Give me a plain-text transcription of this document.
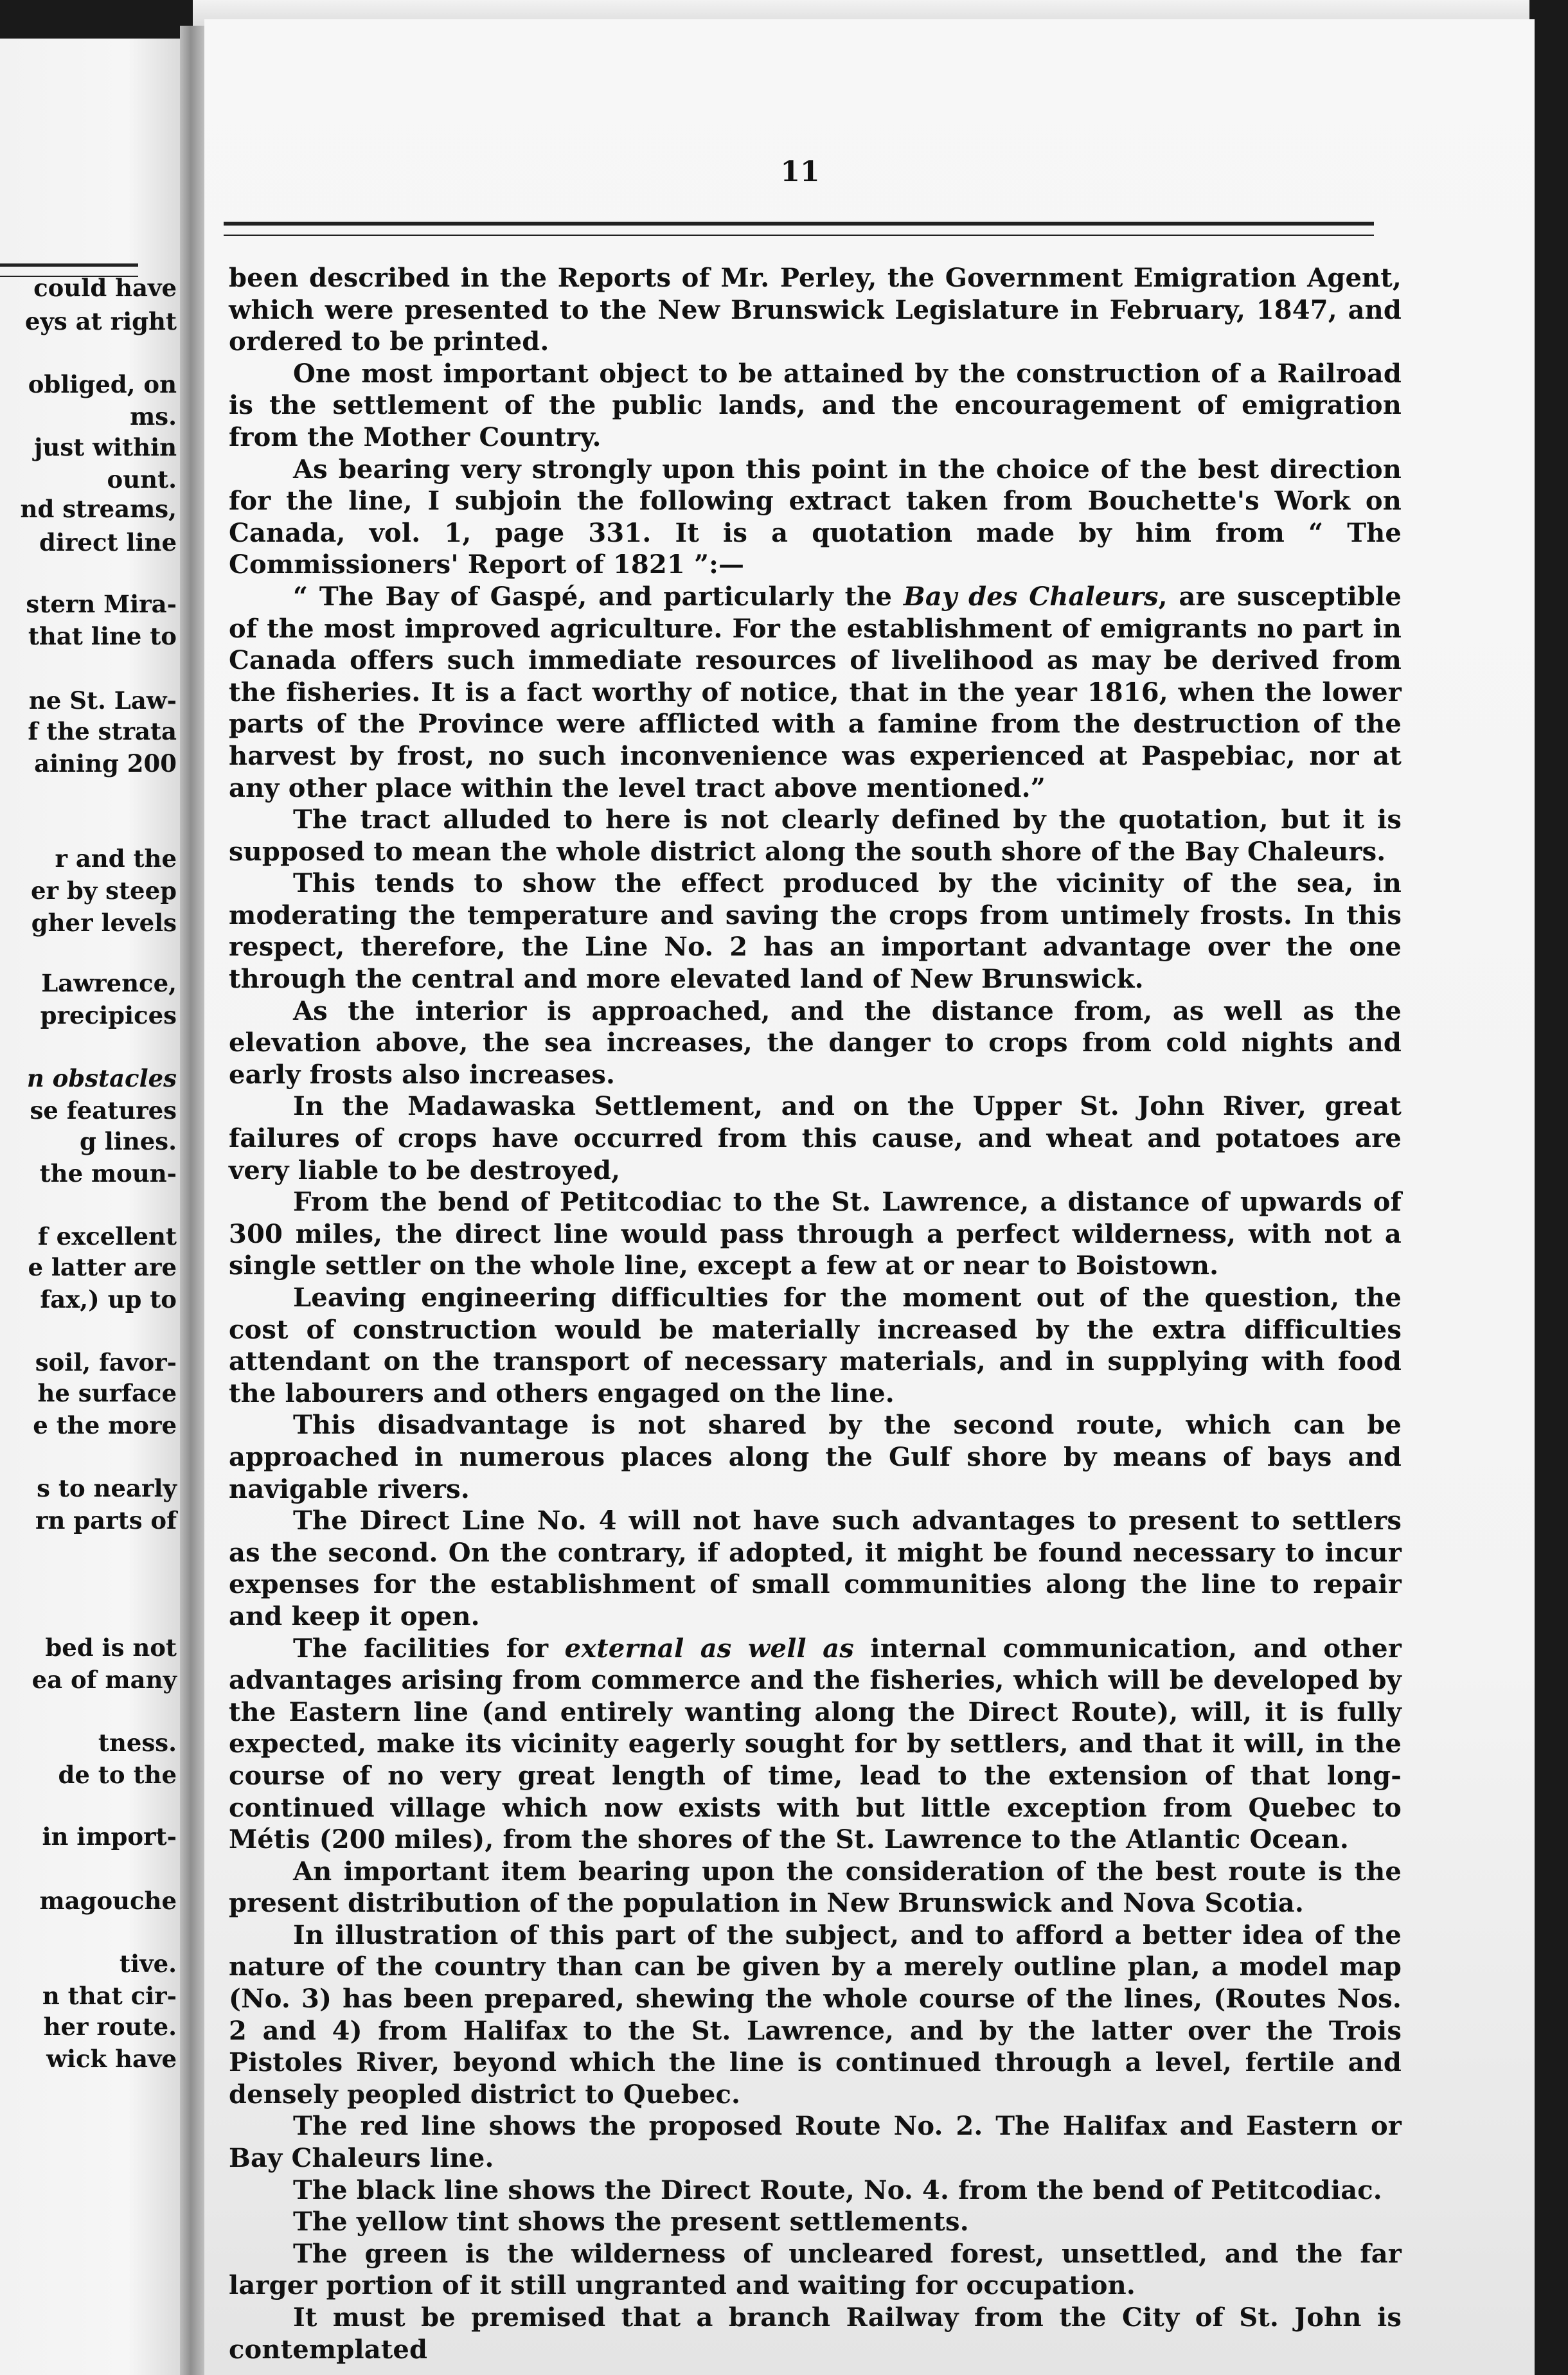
could have
eys at right
obliged, on
ms.
just within
ount.
nd streams,
direct line
stern Mira-
that line to
ne St. Law-
f the strata
aining 200
r and the
er by steep
gher levels
Lawrence,
precipices
n obstacles
se features
g lines.
the moun-
f excellent
e latter are
fax,) up to
soil, favor-
he surface
e the more
s to nearly
rn parts of
bed is not
ea of many
tness.
de to the
in import-
magouche
tive.
n that cir-
her route.
wick have
11

been described in the Reports of Mr. Perley, the Government Emigration Agent, which were presented to the New Brunswick Legislature in February, 1847, and ordered to be printed.

One most important object to be attained by the construction of a Railroad is the settlement of the public lands, and the encouragement of emigration from the Mother Country.

As bearing very strongly upon this point in the choice of the best direction for the line, I subjoin the following extract taken from Bouchette's Work on Canada, vol. 1, page 331. It is a quotation made by him from “ The Commissioners' Report of 1821 ”:—

“ The Bay of Gaspé, and particularly the Bay des Chaleurs, are susceptible of the most improved agriculture. For the establishment of emigrants no part in Canada offers such immediate resources of livelihood as may be derived from the fisheries. It is a fact worthy of notice, that in the year 1816, when the lower parts of the Province were afflicted with a famine from the destruction of the harvest by frost, no such inconvenience was experienced at Paspebiac, nor at any other place within the level tract above mentioned.”

The tract alluded to here is not clearly defined by the quotation, but it is supposed to mean the whole district along the south shore of the Bay Chaleurs.

This tends to show the effect produced by the vicinity of the sea, in moderating the temperature and saving the crops from untimely frosts. In this respect, therefore, the Line No. 2 has an important advantage over the one through the central and more elevated land of New Brunswick.

As the interior is approached, and the distance from, as well as the elevation above, the sea increases, the danger to crops from cold nights and early frosts also increases.

In the Madawaska Settlement, and on the Upper St. John River, great failures of crops have occurred from this cause, and wheat and potatoes are very liable to be destroyed,

From the bend of Petitcodiac to the St. Lawrence, a distance of upwards of 300 miles, the direct line would pass through a perfect wilderness, with not a single settler on the whole line, except a few at or near to Boistown.

Leaving engineering difficulties for the moment out of the question, the cost of construction would be materially increased by the extra difficulties attendant on the transport of necessary materials, and in supplying with food the labourers and others engaged on the line.

This disadvantage is not shared by the second route, which can be approached in numerous places along the Gulf shore by means of bays and navigable rivers.

The Direct Line No. 4 will not have such advantages to present to settlers as the second. On the contrary, if adopted, it might be found necessary to incur expenses for the establishment of small communities along the line to repair and keep it open.

The facilities for external as well as internal communication, and other advantages arising from commerce and the fisheries, which will be developed by the Eastern line (and entirely wanting along the Direct Route), will, it is fully expected, make its vicinity eagerly sought for by settlers, and that it will, in the course of no very great length of time, lead to the extension of that long-continued village which now exists with but little exception from Quebec to Métis (200 miles), from the shores of the St. Lawrence to the Atlantic Ocean.

An important item bearing upon the consideration of the best route is the present distribution of the population in New Brunswick and Nova Scotia.

In illustration of this part of the subject, and to afford a better idea of the nature of the country than can be given by a merely outline plan, a model map (No. 3) has been prepared, shewing the whole course of the lines, (Routes Nos. 2 and 4) from Halifax to the St. Lawrence, and by the latter over the Trois Pistoles River, beyond which the line is continued through a level, fertile and densely peopled district to Quebec.

The red line shows the proposed Route No. 2. The Halifax and Eastern or Bay Chaleurs line.

The black line shows the Direct Route, No. 4. from the bend of Petitcodiac.

The yellow tint shows the present settlements.

The green is the wilderness of uncleared forest, unsettled, and the far larger portion of it still ungranted and waiting for occupation.

It must be premised that a branch Railway from the City of St. John is contemplated
